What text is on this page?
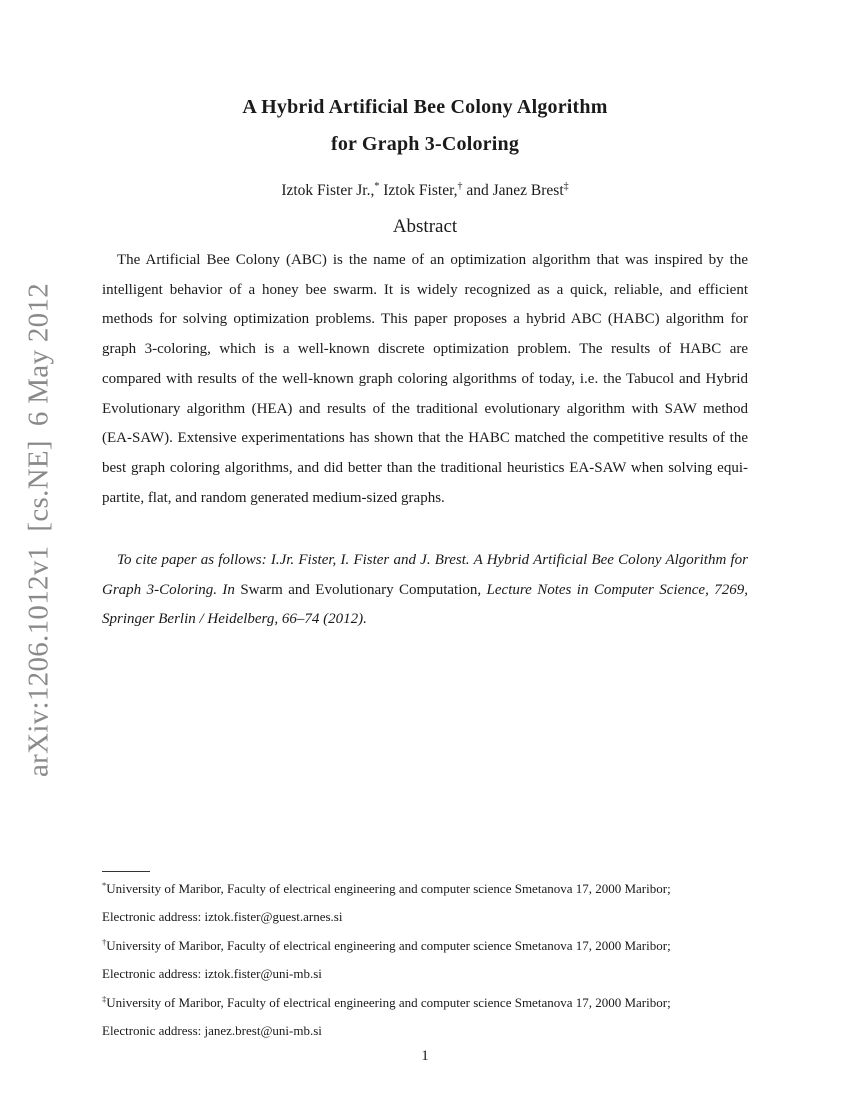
arXiv:1206.1012v1[cs.NE]6 May 2012
A Hybrid Artificial Bee Colony Algorithm
for Graph 3-Coloring
Iztok Fister Jr.,* Iztok Fister,† and Janez Brest‡
Abstract

The Artificial Bee Colony (ABC) is the name of an optimization algorithm that was inspired by the intelligent behavior of a honey bee swarm. It is widely recognized as a quick, reliable, and efficient methods for solving optimization problems. This paper proposes a hybrid ABC (HABC) algorithm for graph 3-coloring, which is a well-known discrete optimization problem. The results of HABC are compared with results of the well-known graph coloring algorithms of today, i.e. the Tabucol and Hybrid Evolutionary algorithm (HEA) and results of the traditional evolutionary algorithm with SAW method (EA-SAW). Extensive experimentations has shown that the HABC matched the competitive results of the best graph coloring algorithms, and did better than the traditional heuristics EA-SAW when solving equi-partite, flat, and random generated medium-sized graphs.

To cite paper as follows: I.Jr. Fister, I. Fister and J. Brest. A Hybrid Artificial Bee Colony Algorithm for Graph 3-Coloring. In Swarm and Evolutionary Computation, Lecture Notes in Computer Science, 7269, Springer Berlin / Heidelberg, 66–74 (2012).

*University of Maribor, Faculty of electrical engineering and computer science Smetanova 17, 2000 Maribor;
Electronic address: iztok.fister@guest.arnes.si
†University of Maribor, Faculty of electrical engineering and computer science Smetanova 17, 2000 Maribor;
Electronic address: iztok.fister@uni-mb.si
‡University of Maribor, Faculty of electrical engineering and computer science Smetanova 17, 2000 Maribor;
Electronic address: janez.brest@uni-mb.si
1
